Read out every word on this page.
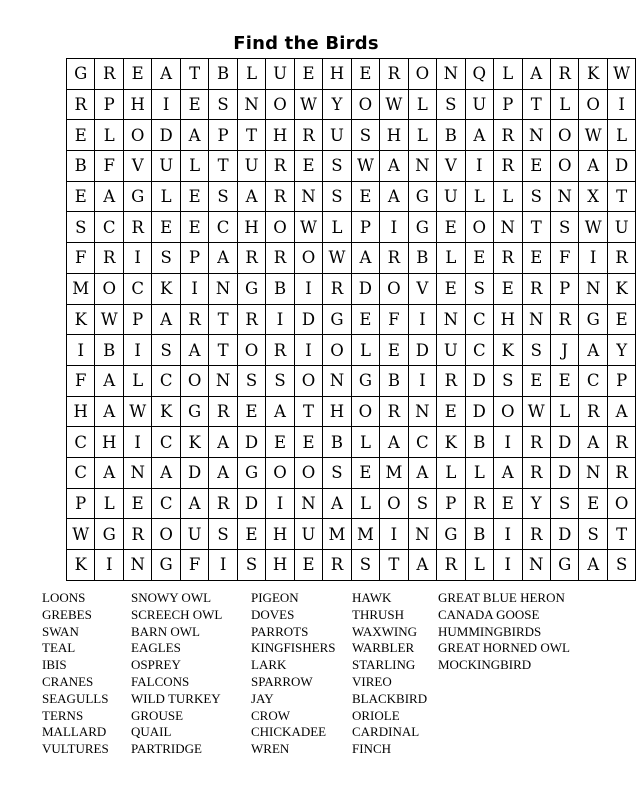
Find the Birds
G	R	E	A	T	B	L	U	E	H	E	R	O	N	Q	L	A	R	K	W
R	P	H	I	E	S	N	O	W	Y	O	W	L	S	U	P	T	L	O	I
E	L	O	D	A	P	T	H	R	U	S	H	L	B	A	R	N	O	W	L
B	F	V	U	L	T	U	R	E	S	W	A	N	V	I	R	E	O	A	D
E	A	G	L	E	S	A	R	N	S	E	A	G	U	L	L	S	N	X	T
S	C	R	E	E	C	H	O	W	L	P	I	G	E	O	N	T	S	W	U
F	R	I	S	P	A	R	R	O	W	A	R	B	L	E	R	E	F	I	R
M	O	C	K	I	N	G	B	I	R	D	O	V	E	S	E	R	P	N	K
K	W	P	A	R	T	R	I	D	G	E	F	I	N	C	H	N	R	G	E
I	B	I	S	A	T	O	R	I	O	L	E	D	U	C	K	S	J	A	Y
F	A	L	C	O	N	S	S	O	N	G	B	I	R	D	S	E	E	C	P
H	A	W	K	G	R	E	A	T	H	O	R	N	E	D	O	W	L	R	A
C	H	I	C	K	A	D	E	E	B	L	A	C	K	B	I	R	D	A	R
C	A	N	A	D	A	G	O	O	S	E	M	A	L	L	A	R	D	N	R
P	L	E	C	A	R	D	I	N	A	L	O	S	P	R	E	Y	S	E	O
W	G	R	O	U	S	E	H	U	M	M	I	N	G	B	I	R	D	S	T
K	I	N	G	F	I	S	H	E	R	S	T	A	R	L	I	N	G	A	S
LOONS
GREBES
SWAN
TEAL
IBIS
CRANES
SEAGULLS
TERNS
MALLARD
VULTURES
SNOWY OWL
SCREECH OWL
BARN OWL
EAGLES
OSPREY
FALCONS
WILD TURKEY
GROUSE
QUAIL
PARTRIDGE
PIGEON
DOVES
PARROTS
KINGFISHERS
LARK
SPARROW
JAY
CROW
CHICKADEE
WREN
HAWK
THRUSH
WAXWING
WARBLER
STARLING
VIREO
BLACKBIRD
ORIOLE
CARDINAL
FINCH
GREAT BLUE HERON
CANADA GOOSE
HUMMINGBIRDS
GREAT HORNED OWL
MOCKINGBIRD
